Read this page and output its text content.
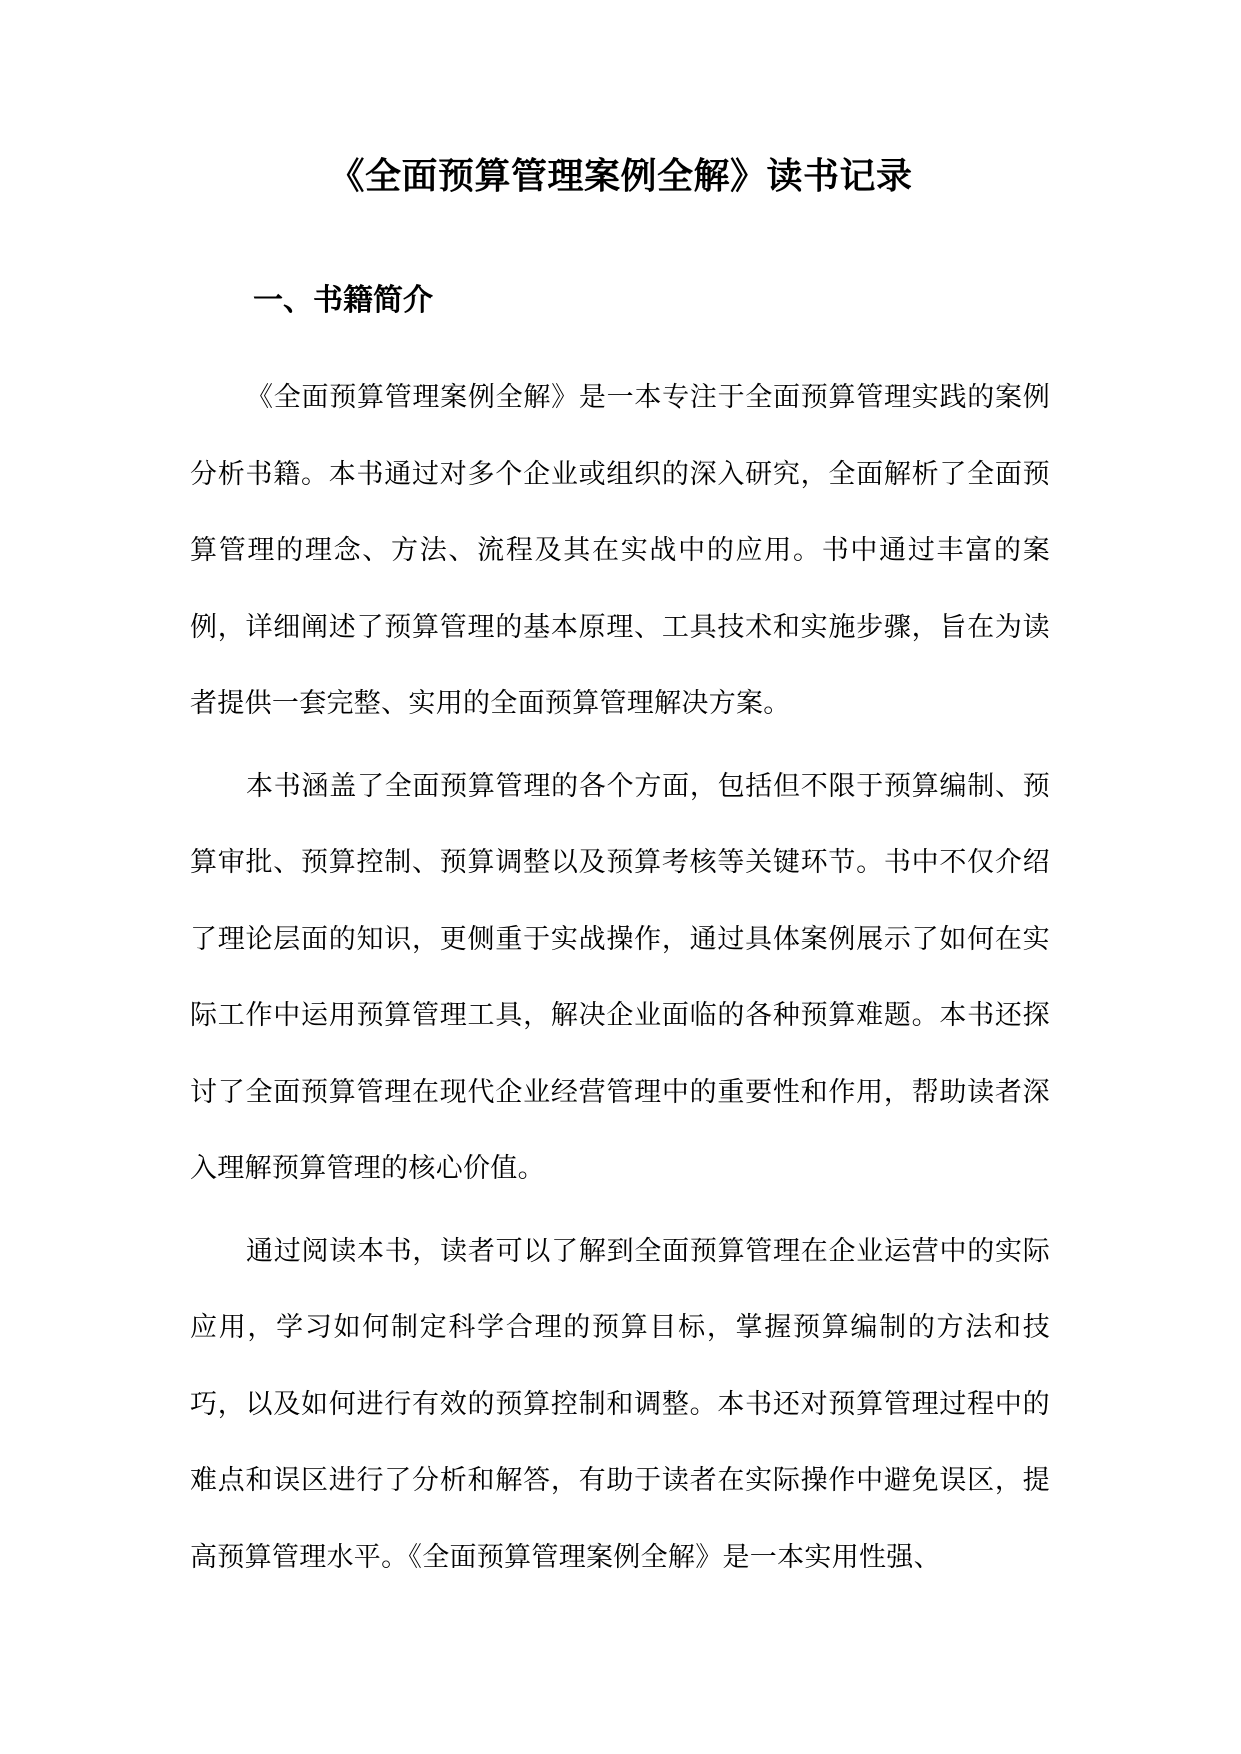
《全面预算管理案例全解》读书记录
一、书籍简介

《全面预算管理案例全解》是一本专注于全面预算管理实践的案例分析书籍。本书通过对多个企业或组织的深入研究，全面解析了全面预算管理的理念、方法、流程及其在实战中的应用。书中通过丰富的案例，详细阐述了预算管理的基本原理、工具技术和实施步骤，旨在为读者提供一套完整、实用的全面预算管理解决方案。

本书涵盖了全面预算管理的各个方面，包括但不限于预算编制、预算审批、预算控制、预算调整以及预算考核等关键环节。书中不仅介绍了理论层面的知识，更侧重于实战操作，通过具体案例展示了如何在实际工作中运用预算管理工具，解决企业面临的各种预算难题。本书还探讨了全面预算管理在现代企业经营管理中的重要性和作用，帮助读者深入理解预算管理的核心价值。

通过阅读本书，读者可以了解到全面预算管理在企业运营中的实际应用，学习如何制定科学合理的预算目标，掌握预算编制的方法和技巧，以及如何进行有效的预算控制和调整。本书还对预算管理过程中的难点和误区进行了分析和解答，有助于读者在实际操作中避免误区，提高预算管理水平。《全面预算管理案例全解》是一本实用性强、
